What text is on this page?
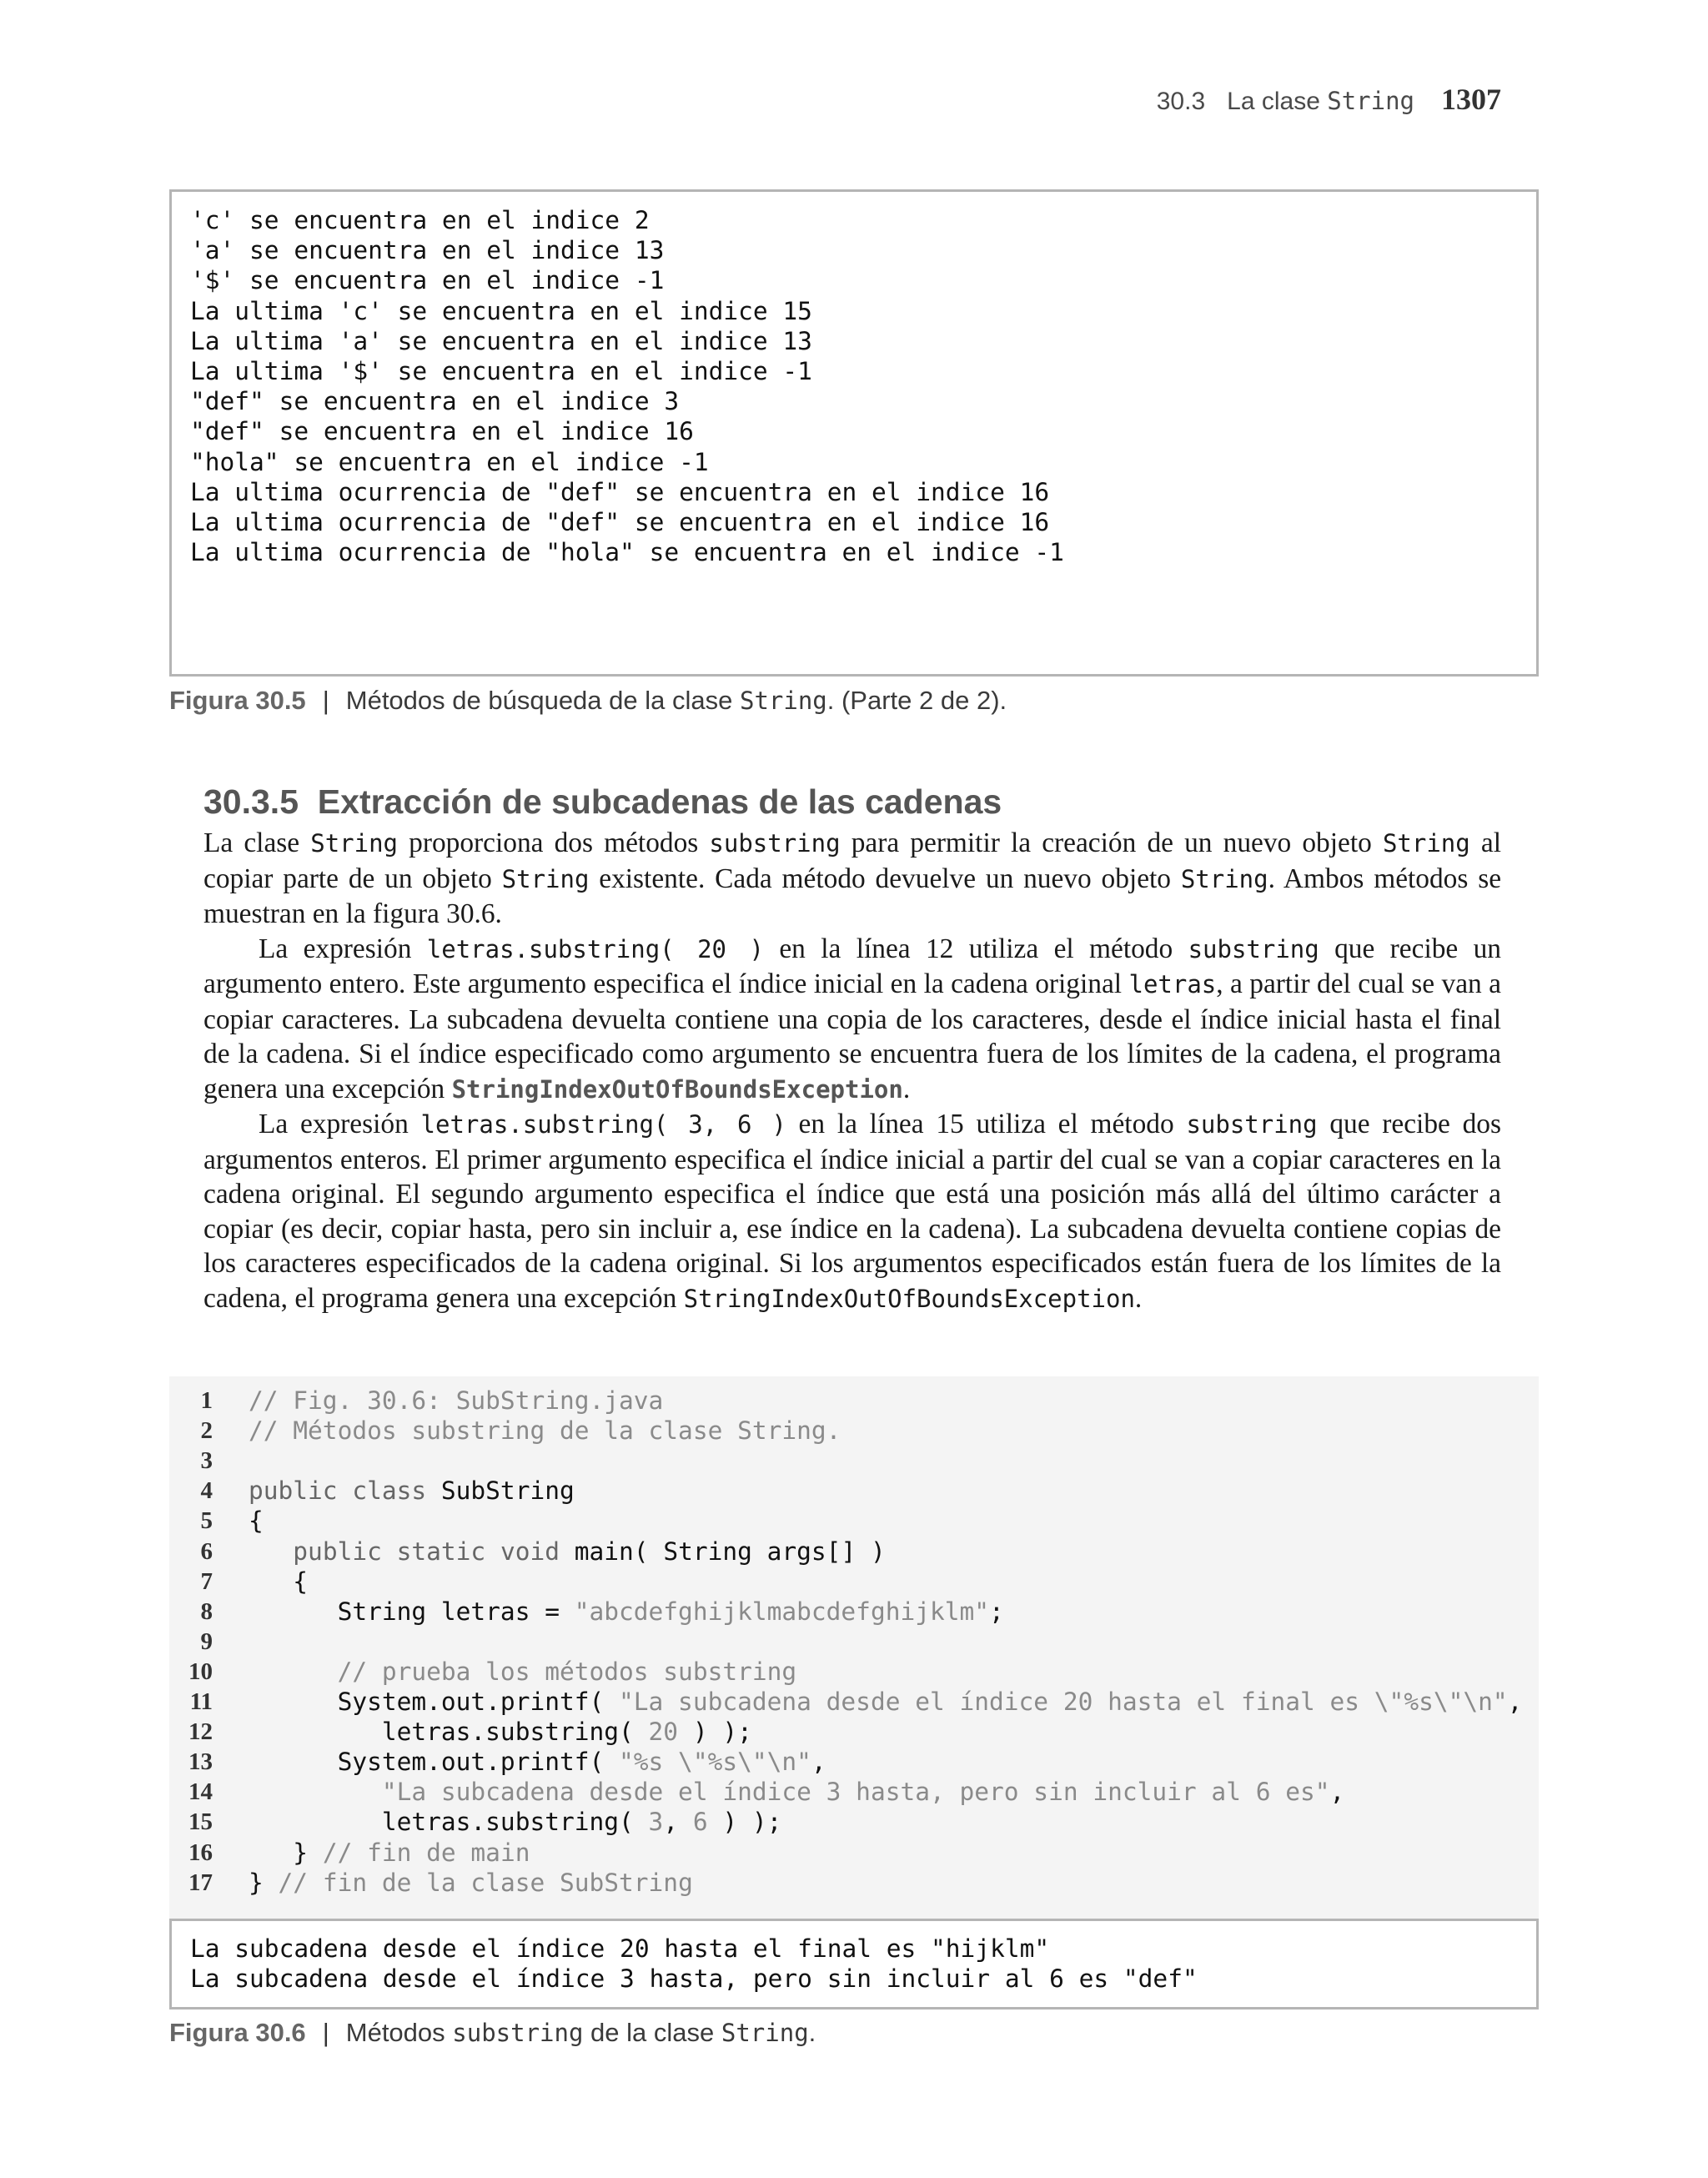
30.3 La clase String 1307
'c' se encuentra en el indice 2
'a' se encuentra en el indice 13
'$' se encuentra en el indice -1
La ultima 'c' se encuentra en el indice 15
La ultima 'a' se encuentra en el indice 13
La ultima '$' se encuentra en el indice -1
"def" se encuentra en el indice 3
"def" se encuentra en el indice 16
"hola" se encuentra en el indice -1
La ultima ocurrencia de "def" se encuentra en el indice 16
La ultima ocurrencia de "def" se encuentra en el indice 16
La ultima ocurrencia de "hola" se encuentra en el indice -1
Figura 30.5 | Métodos de búsqueda de la clase
String . (Parte 2 de 2).
30.3.5 Extracción de subcadenas de las cadenas

La clase String proporciona dos métodos substring para permitir la creación de un nuevo objeto String al copiar parte de un objeto String existente. Cada método devuelve un nuevo objeto String. Ambos métodos se muestran en la figura 30.6.

La expresión letras.substring( 20 ) en la línea 12 utiliza el método substring que recibe un argumento entero. Este argumento especifica el índice inicial en la cadena original letras, a partir del cual se van a copiar caracteres. La subcadena devuelta contiene una copia de los caracteres, desde el índice inicial hasta el final de la cadena. Si el índice especificado como argumento se encuentra fuera de los límites de la cadena, el programa genera una excepción StringIndexOutOfBoundsException.

La expresión letras.substring( 3, 6 ) en la línea 15 utiliza el método substring que recibe dos argumentos enteros. El primer argumento especifica el índice inicial a partir del cual se van a copiar caracteres en la cadena original. El segundo argumento especifica el índice que está una posición más allá del último carácter a copiar (es decir, copiar hasta, pero sin incluir a, ese índice en la cadena). La subcadena devuelta contiene copias de los caracteres especificados de la cadena original. Si los argumentos especificados están fuera de los límites de la cadena, el programa genera una excepción StringIndexOutOfBoundsException.

1 // Fig. 30.6: SubString.java
2 // Métodos substring de la clase String.
3
4 public class SubString
5 {
6	public static void main( String args[] )
7 {
8 String letras = "abcdefghijklmabcdefghijklm";
9
10 // prueba los métodos substring
11 System.out.printf( "La subcadena desde el índice 20 hasta el final es \"%s\"\n",
12 letras.substring( 20 ) );
13 System.out.printf( "%s \"%s\"\n",
14 "La subcadena desde el índice 3 hasta, pero sin incluir al 6 es",
15 letras.substring( 3, 6 ) );
16 } // fin de main
17 } // fin de la clase SubString
La subcadena desde el índice 20 hasta el final es "hijklm"
La subcadena desde el índice 3 hasta, pero sin incluir al 6 es "def"
Figura 30.6 | Métodos
substring
de la clase
String .
